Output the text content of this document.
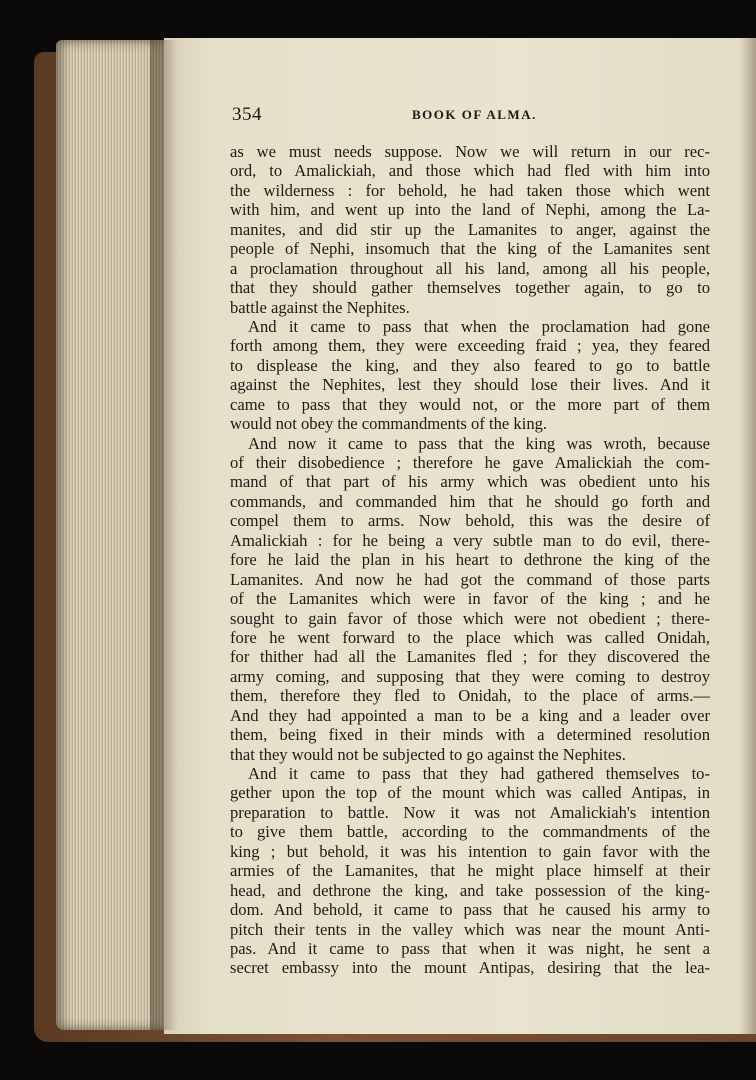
354	BOOK OF ALMA.
as we must needs suppose. Now we will return in our rec-
ord, to Amalickiah, and those which had fled with him into
the wilderness : for behold, he had taken those which went
with him, and went up into the land of Nephi, among the La-
manites, and did stir up the Lamanites to anger, against the
people of Nephi, insomuch that the king of the Lamanites sent
a proclamation throughout all his land, among all his people,
that they should gather themselves together again, to go to
battle against the Nephites.
And it came to pass that when the proclamation had gone
forth among them, they were exceeding fraid ; yea, they feared
to displease the king, and they also feared to go to battle
against the Nephites, lest they should lose their lives. And it
came to pass that they would not, or the more part of them
would not obey the commandments of the king.
And now it came to pass that the king was wroth, because
of their disobedience ; therefore he gave Amalickiah the com-
mand of that part of his army which was obedient unto his
commands, and commanded him that he should go forth and
compel them to arms. Now behold, this was the desire of
Amalickiah : for he being a very subtle man to do evil, there-
fore he laid the plan in his heart to dethrone the king of the
Lamanites. And now he had got the command of those parts
of the Lamanites which were in favor of the king ; and he
sought to gain favor of those which were not obedient ; there-
fore he went forward to the place which was called Onidah,
for thither had all the Lamanites fled ; for they discovered the
army coming, and supposing that they were coming to destroy
them, therefore they fled to Onidah, to the place of arms.—
And they had appointed a man to be a king and a leader over
them, being fixed in their minds with a determined resolution
that they would not be subjected to go against the Nephites.
And it came to pass that they had gathered themselves to-
gether upon the top of the mount which was called Antipas, in
preparation to battle. Now it was not Amalickiah's intention
to give them battle, according to the commandments of the
king ; but behold, it was his intention to gain favor with the
armies of the Lamanites, that he might place himself at their
head, and dethrone the king, and take possession of the king-
dom. And behold, it came to pass that he caused his army to
pitch their tents in the valley which was near the mount Anti-
pas. And it came to pass that when it was night, he sent a
secret embassy into the mount Antipas, desiring that the lea-
